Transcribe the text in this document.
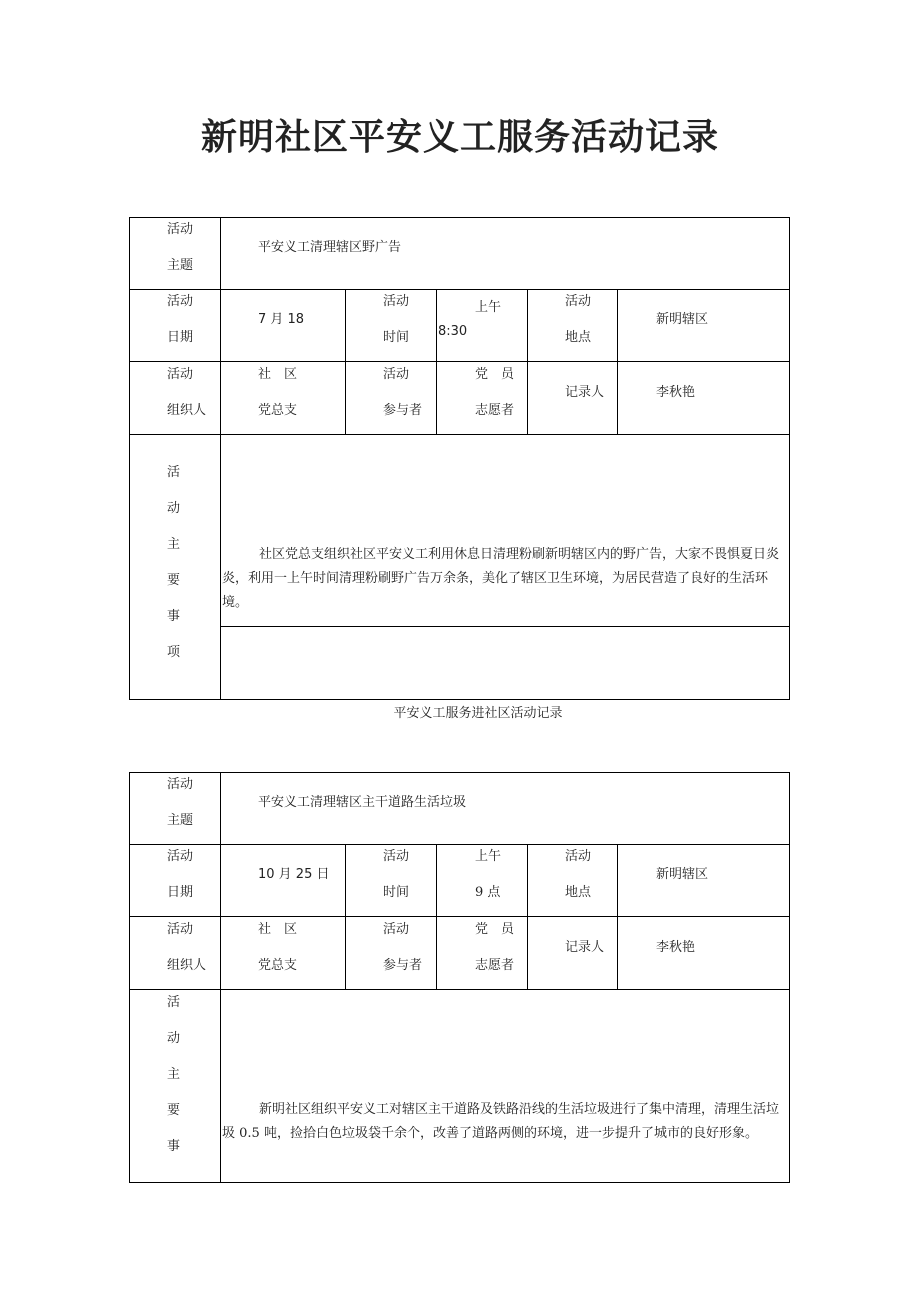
新明社区平安义工服务活动记录
活动
主题
平安义工清理辖区野广告
活动
日期
7 月 18
活动
时间
上午
8:30
活动
地点
新明辖区
活动
组织人
社　区
党总支
活动
参与者
党　员
志愿者
记录人	李秋艳
活
动
主
要
事
项
社区党总支组织社区平安义工利用休息日清理粉刷新明辖区内的野广告，大家不畏惧夏日炎炎，利用一上午时间清理粉刷野广告万余条，美化了辖区卫生环境，为居民营造了良好的生活环境。
平安义工服务进社区活动记录
活动
主题
平安义工清理辖区主干道路生活垃圾
活动
日期
10 月 25 日
活动
时间
上午
9 点
活动
地点
新明辖区
活动
组织人
社　区
党总支
活动
参与者
党　员
志愿者
记录人	李秋艳
活
动
主
要
事
新明社区组织平安义工对辖区主干道路及铁路沿线的生活垃圾进行了集中清理，清理生活垃圾 0.5 吨，捡拾白色垃圾袋千余个，改善了道路两侧的环境，进一步提升了城市的良好形象。
